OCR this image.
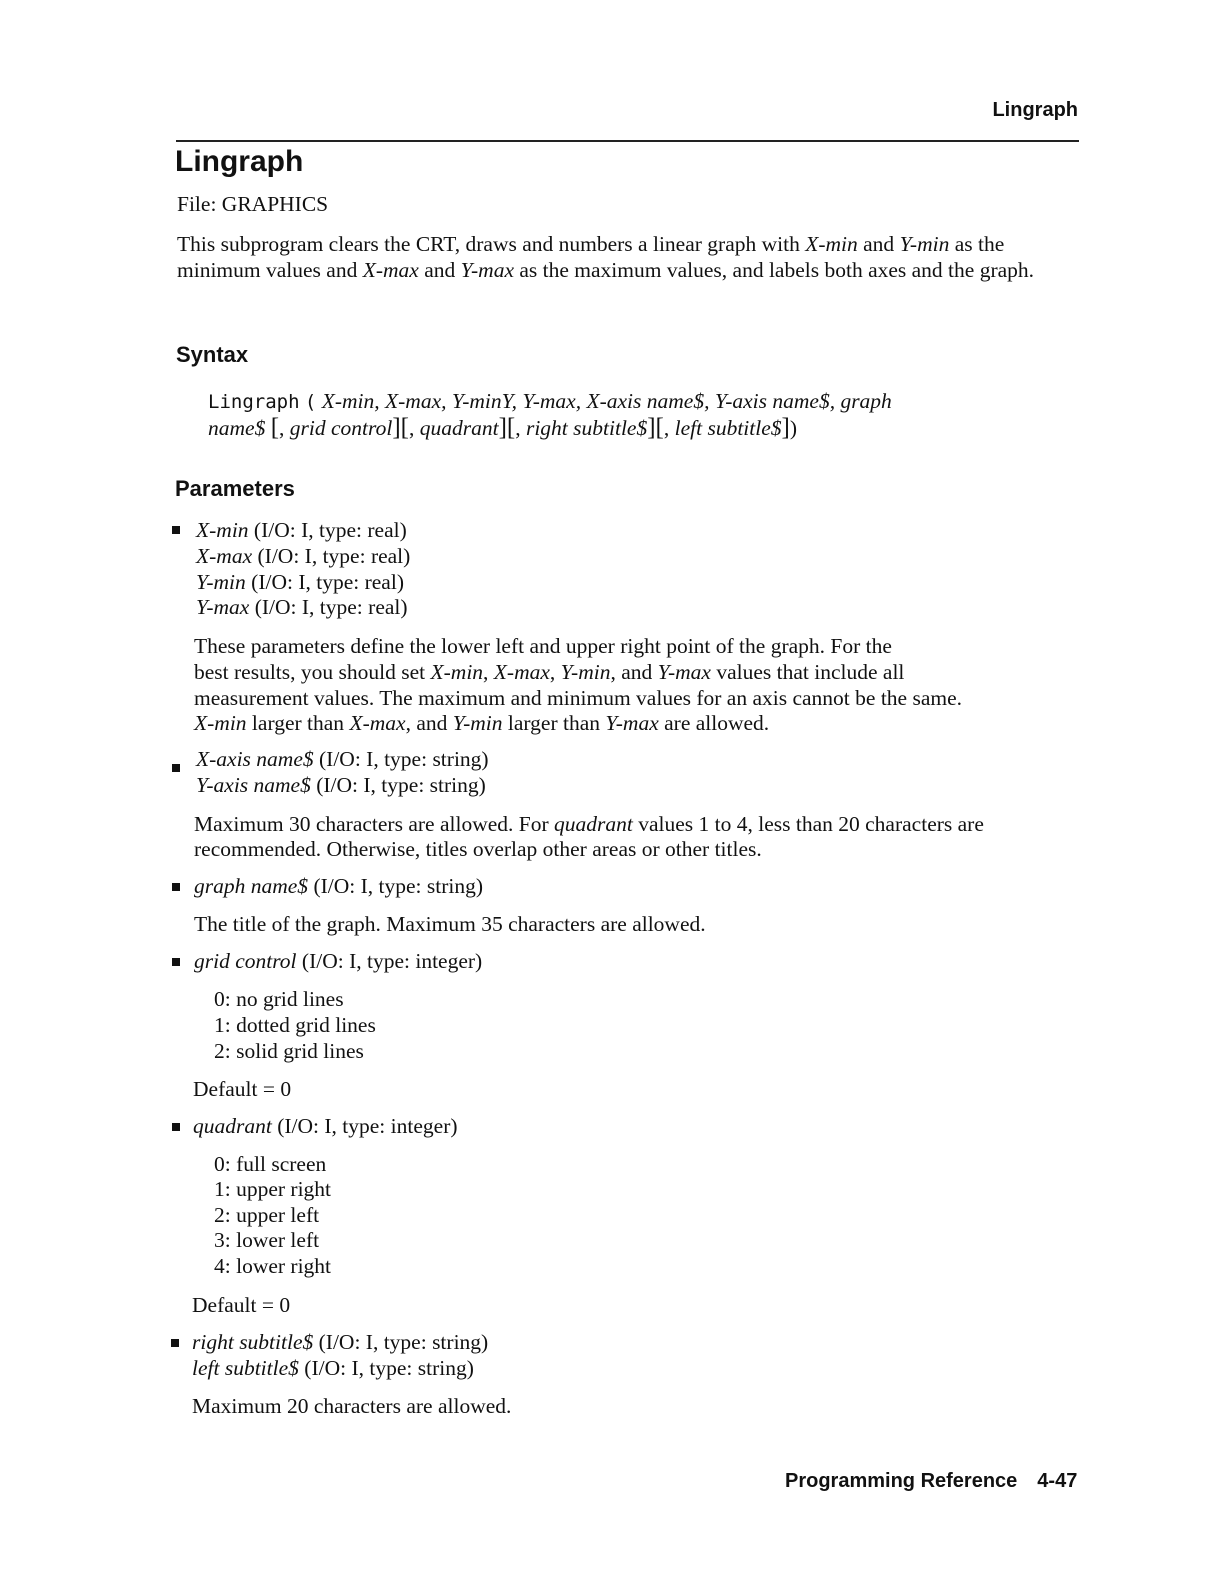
Lingraph
Lingraph
File: GRAPHICS
This subprogram clears the CRT, draws and numbers a linear graph with X-min and Y-min as the minimum values and X-max and Y-max as the maximum values, and labels both axes and the graph.
Syntax
Lingraph ( X-min, X-max, Y-minY, Y-max, X-axis name$, Y-axis name$, graph
name$ [, grid control][, quadrant][, right subtitle$][, left subtitle$])
Parameters
X-min (I/O: I, type: real)
X-max (I/O: I, type: real)
Y-min (I/O: I, type: real)
Y-max (I/O: I, type: real)
These parameters define the lower left and upper right point of the graph. For the
best results, you should set X-min, X-max, Y-min, and Y-max values that include all
measurement values. The maximum and minimum values for an axis cannot be the same.
X-min larger than X-max, and Y-min larger than Y-max are allowed.
X-axis name$ (I/O: I, type: string)
Y-axis name$ (I/O: I, type: string)
Maximum 30 characters are allowed. For quadrant values 1 to 4, less than 20 characters are
recommended. Otherwise, titles overlap other areas or other titles.
graph name$ (I/O: I, type: string)
The title of the graph. Maximum 35 characters are allowed.
grid control (I/O: I, type: integer)
0: no grid lines
1: dotted grid lines
2: solid grid lines
Default = 0
quadrant (I/O: I, type: integer)
0: full screen
1: upper right
2: upper left
3: lower left
4: lower right
Default = 0
right subtitle$ (I/O: I, type: string)
left subtitle$ (I/O: I, type: string)
Maximum 20 characters are allowed.
Programming Reference 4-47
